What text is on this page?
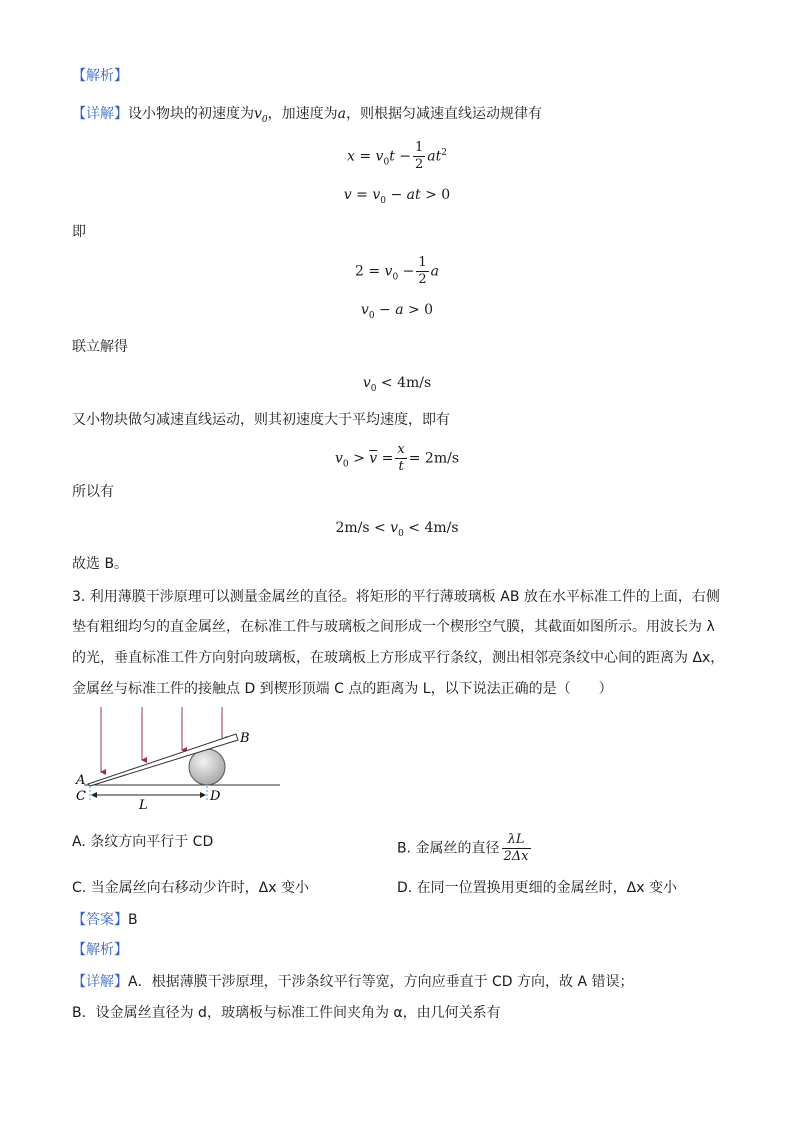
【解析】
【详解】设小物块的初速度为$v_0$，加速度为a，则根据匀减速直线运动规律有
$x = v_0t - \frac{1}{2} at^2$
$v = v_0$ − at > 0
即
$2 = v_0 - \frac{1}{2}$ a
$v_0 - a > 0$
联立解得
$v_0 < 4m/s$
又小物块做匀减速直线运动，则其初速度大于平均速度，即有
$v_0 > \overline{v} = \frac{x}{t} = 2m/s$
所以有
$2m/s < v_0 < 4m/s$
故选 B。
3. 利用薄膜干涉原理可以测量金属丝的直径。将矩形的平行薄玻璃板 AB 放在水平标准工件的上面，右侧
垫有粗细均匀的直金属丝，在标准工件与玻璃板之间形成一个楔形空气膜，其截面如图所示。用波长为 λ
的光，垂直标准工件方向射向玻璃板，在玻璃板上方形成平行条纹，测出相邻亮条纹中心间的距离为 Δx，
金属丝与标准工件的接触点 D 到楔形顶端 C 点的距离为 L，以下说法正确的是（　　）
A
B
C	D
L
A. 条纹方向平行于 CD	B. 金属丝的直径 $\frac{\lambda L}{2\Delta x}$
C. 当金属丝向右移动少许时，Δx 变小	D. 在同一位置换用更细的金属丝时，Δx 变小
【答案】B
【解析】
【详解】A．根据薄膜干涉原理，干涉条纹平行等宽，方向应垂直于 CD 方向，故 A 错误；
B．设金属丝直径为 d，玻璃板与标准工件间夹角为 α，由几何关系有
